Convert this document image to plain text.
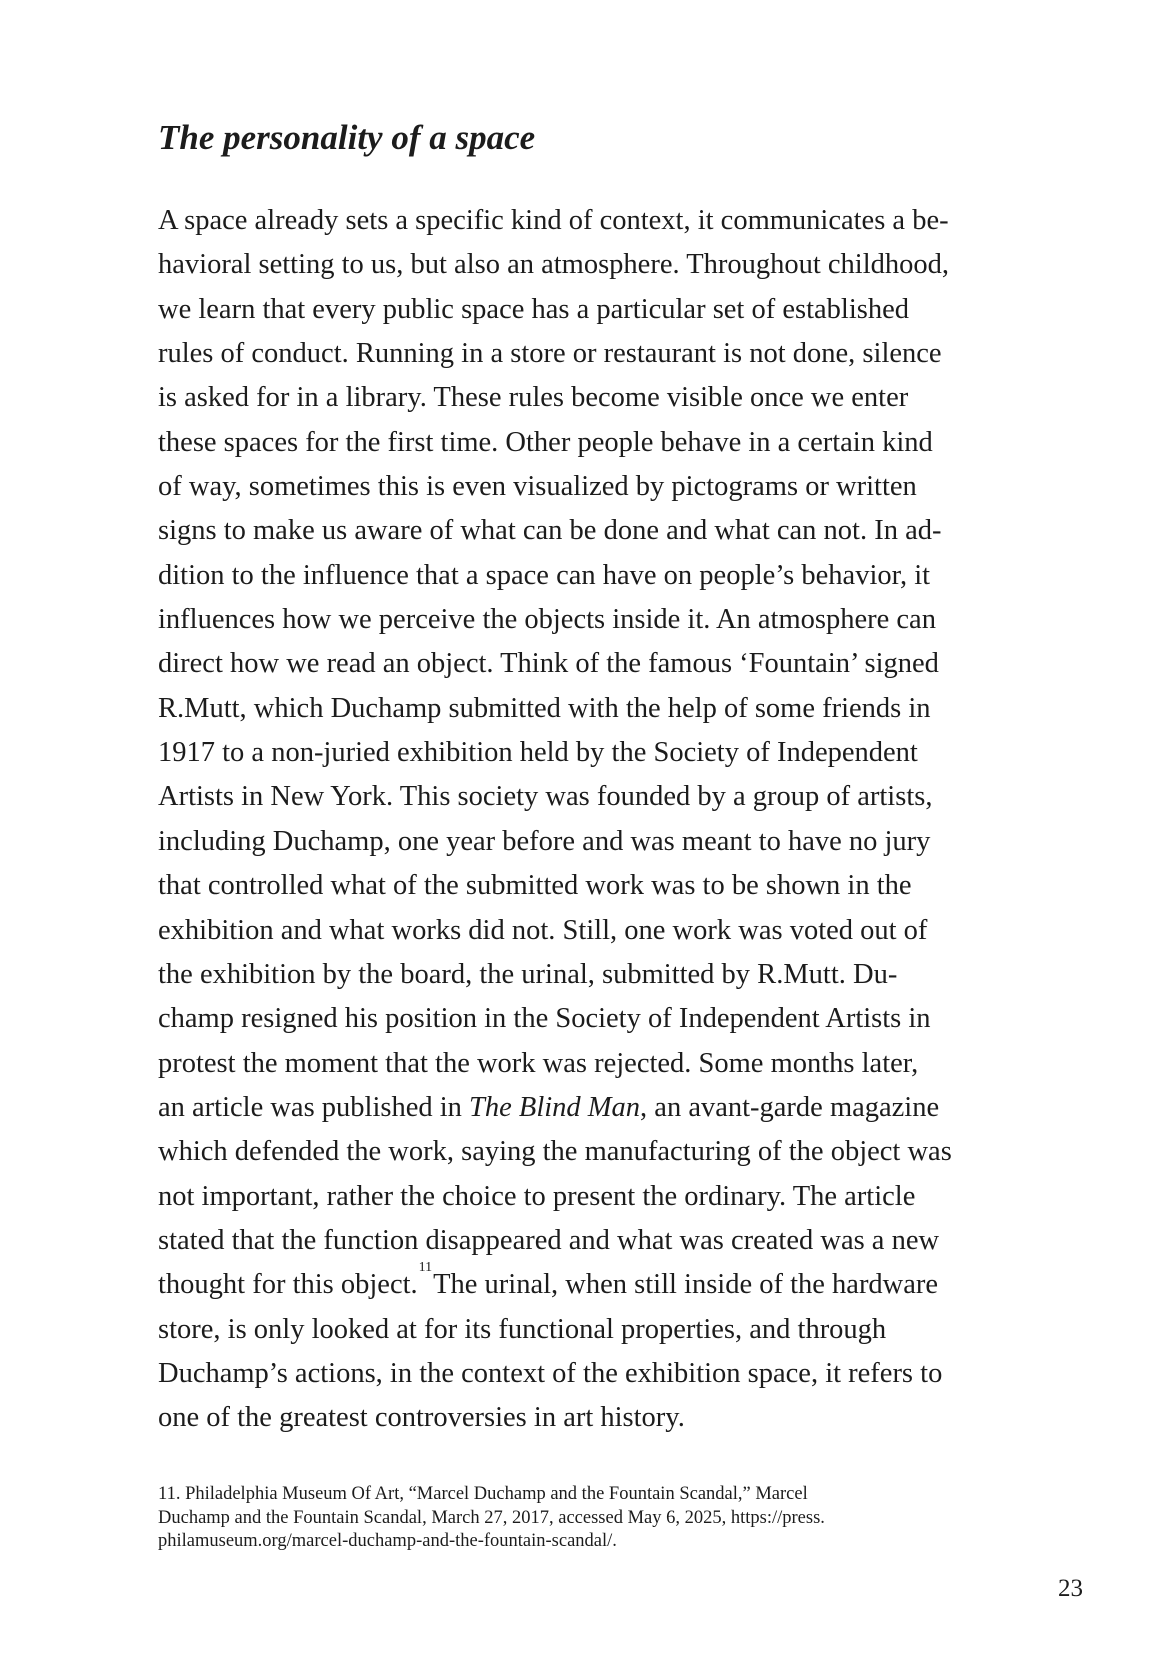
The personality of a space
A space already sets a specific kind of context, it communicates a be-
havioral setting to us, but also an atmosphere. Throughout childhood,
we learn that every public space has a particular set of established
rules of conduct. Running in a store or restaurant is not done, silence
is asked for in a library. These rules become visible once we enter
these spaces for the first time. Other people behave in a certain kind
of way, sometimes this is even visualized by pictograms or written
signs to make us aware of what can be done and what can not. In ad-
dition to the influence that a space can have on people’s behavior, it
influences how we perceive the objects inside it. An atmosphere can
direct how we read an object. Think of the famous ‘Fountain’ signed
R.Mutt, which Duchamp submitted with the help of some friends in
1917 to a non-juried exhibition held by the Society of Independent
Artists in New York. This society was founded by a group of artists,
including Duchamp, one year before and was meant to have no jury
that controlled what of the submitted work was to be shown in the
exhibition and what works did not. Still, one work was voted out of
the exhibition by the board, the urinal, submitted by R.Mutt. Du-
champ resigned his position in the Society of Independent Artists in
protest the moment that the work was rejected. Some months later,
an article was published in The Blind Man, an avant-garde magazine
which defended the work, saying the manufacturing of the object was
not important, rather the choice to present the ordinary. The article
stated that the function disappeared and what was created was a new
thought for this object.$^{11}$The urinal, when still inside of the hardware
store, is only looked at for its functional properties, and through
Duchamp’s actions, in the context of the exhibition space, it refers to
one of the greatest controversies in art history.
11. Philadelphia Museum Of Art, “Marcel Duchamp and the Fountain Scandal,” Marcel
Duchamp and the Fountain Scandal, March 27, 2017, accessed May 6, 2025, https://press.
philamuseum.org/marcel-duchamp-and-the-fountain-scandal/.
23
